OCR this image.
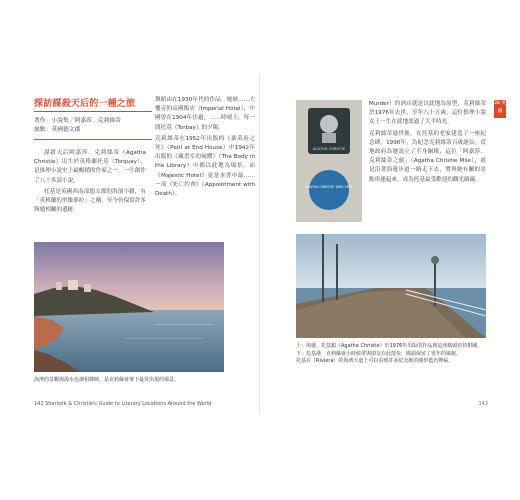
探訪謀殺天后的一種之旅
著作：小說集／阿嘉莎．克莉絲蒂
旅點：英國德文郡

謀殺天后阿嘉莎．克莉絲蒂（Agatha Christie）出生於英格蘭托基（Torquay），是推理小說史上最暢銷的作家之一，一生創作了八十多部小說。

托基是英國西南部德文郡的海濱小鎮，有「英格蘭的里維耶拉」之稱，至今仍保留許多與她相關的遺跡。

舞蹈由在1930年代的作品，她被……大樓旁的帝國飯店（Imperial Hotel），中國曾在1904年住過，……時晴主，每一間托基（Torbay）的夕陽。

克莉絲蒂在1952年出版的《桑莫府之死》（Peril at End House）中1942年出版的《藏書室的屍體》（The Body in the Library）中都以此地為場景，而《Majestic Hotel》更是本書中最……一部《死亡約會》（Appointment with Death）。

海濱的景觀與海水色調相輝映，是克莉絲蒂筆下最常出現的場景。

Murder）的酒店就是以此地為原型，克莉絲蒂於1976年去世，享年八十五歲，這位推理小說女王一生在此地度過了大半時光。

克莉絲蒂過世後，在托基的老家建造了一座紀念碑。1990年，為紀念克莉絲蒂百歲誕辰，當地政府為她設立了半身銅像，這位「阿嘉莎．克莉絲蒂之旅」（Agatha Christie Mile），就是沿著海邊步道一路走下去，將與她有關的景點串連起來，成為托基最受歡迎的觀光路線。

AGATHA CHRISTIE
AGATHA CHRISTIE 1890-1976
上：海邊．托基鎮（Agatha Christie）於1976年出版的作品與這座碼頭密切相關。
下：托基港．克莉絲蒂小時候常與朋友在此散步，碼頭保留了當年的風貌。
托基在（Riviera）的海濱大道上可以看到許多紀念她的圓形藍色牌匾。
142 Sherlock & Christie's Guide to Literary Locations Around the World	143
38 英國
